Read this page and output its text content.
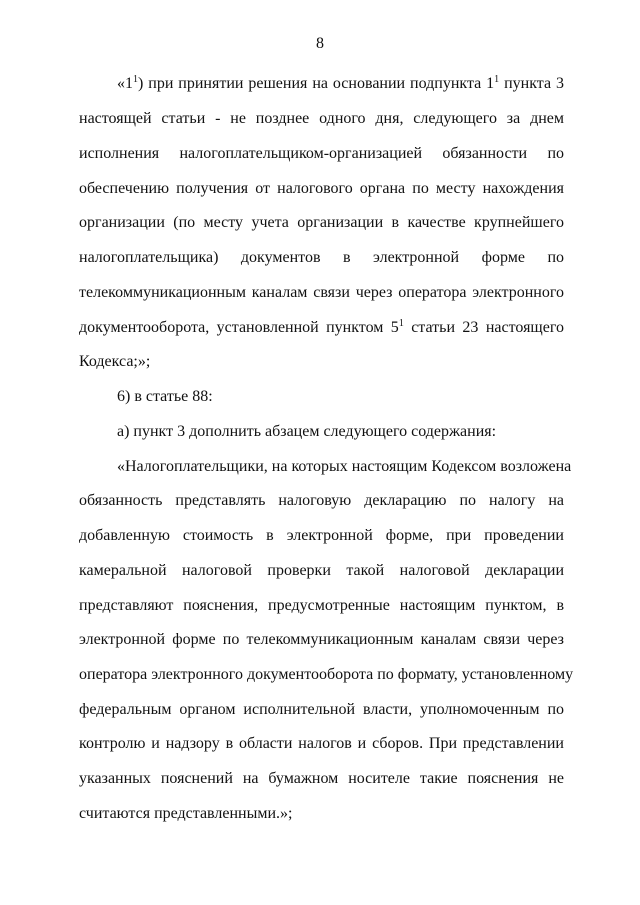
8
«$1^1$) при принятии решения на основании подпункта $1^1$ пункта 3
настоящей статьи - не позднее одного дня, следующего за днем
исполнения налогоплательщиком-организацией обязанности по
обеспечению получения от налогового органа по месту нахождения
организации (по месту учета организации в качестве крупнейшего
налогоплательщика) документов в электронной форме по
телекоммуникационным каналам связи через оператора электронного
документооборота, установленной пунктом $5^1$ статьи 23 настоящего
Кодекса;»;
6) в статье 88:
а) пункт 3 дополнить абзацем следующего содержания:
«Налогоплательщики, на которых настоящим Кодексом возложена
обязанность представлять налоговую декларацию по налогу на
добавленную стоимость в электронной форме, при проведении
камеральной налоговой проверки такой налоговой декларации
представляют пояснения, предусмотренные настоящим пунктом, в
электронной форме по телекоммуникационным каналам связи через
оператора электронного документооборота по формату, установленному
федеральным органом исполнительной власти, уполномоченным по
контролю и надзору в области налогов и сборов. При представлении
указанных пояснений на бумажном носителе такие пояснения не
считаются представленными.»;
